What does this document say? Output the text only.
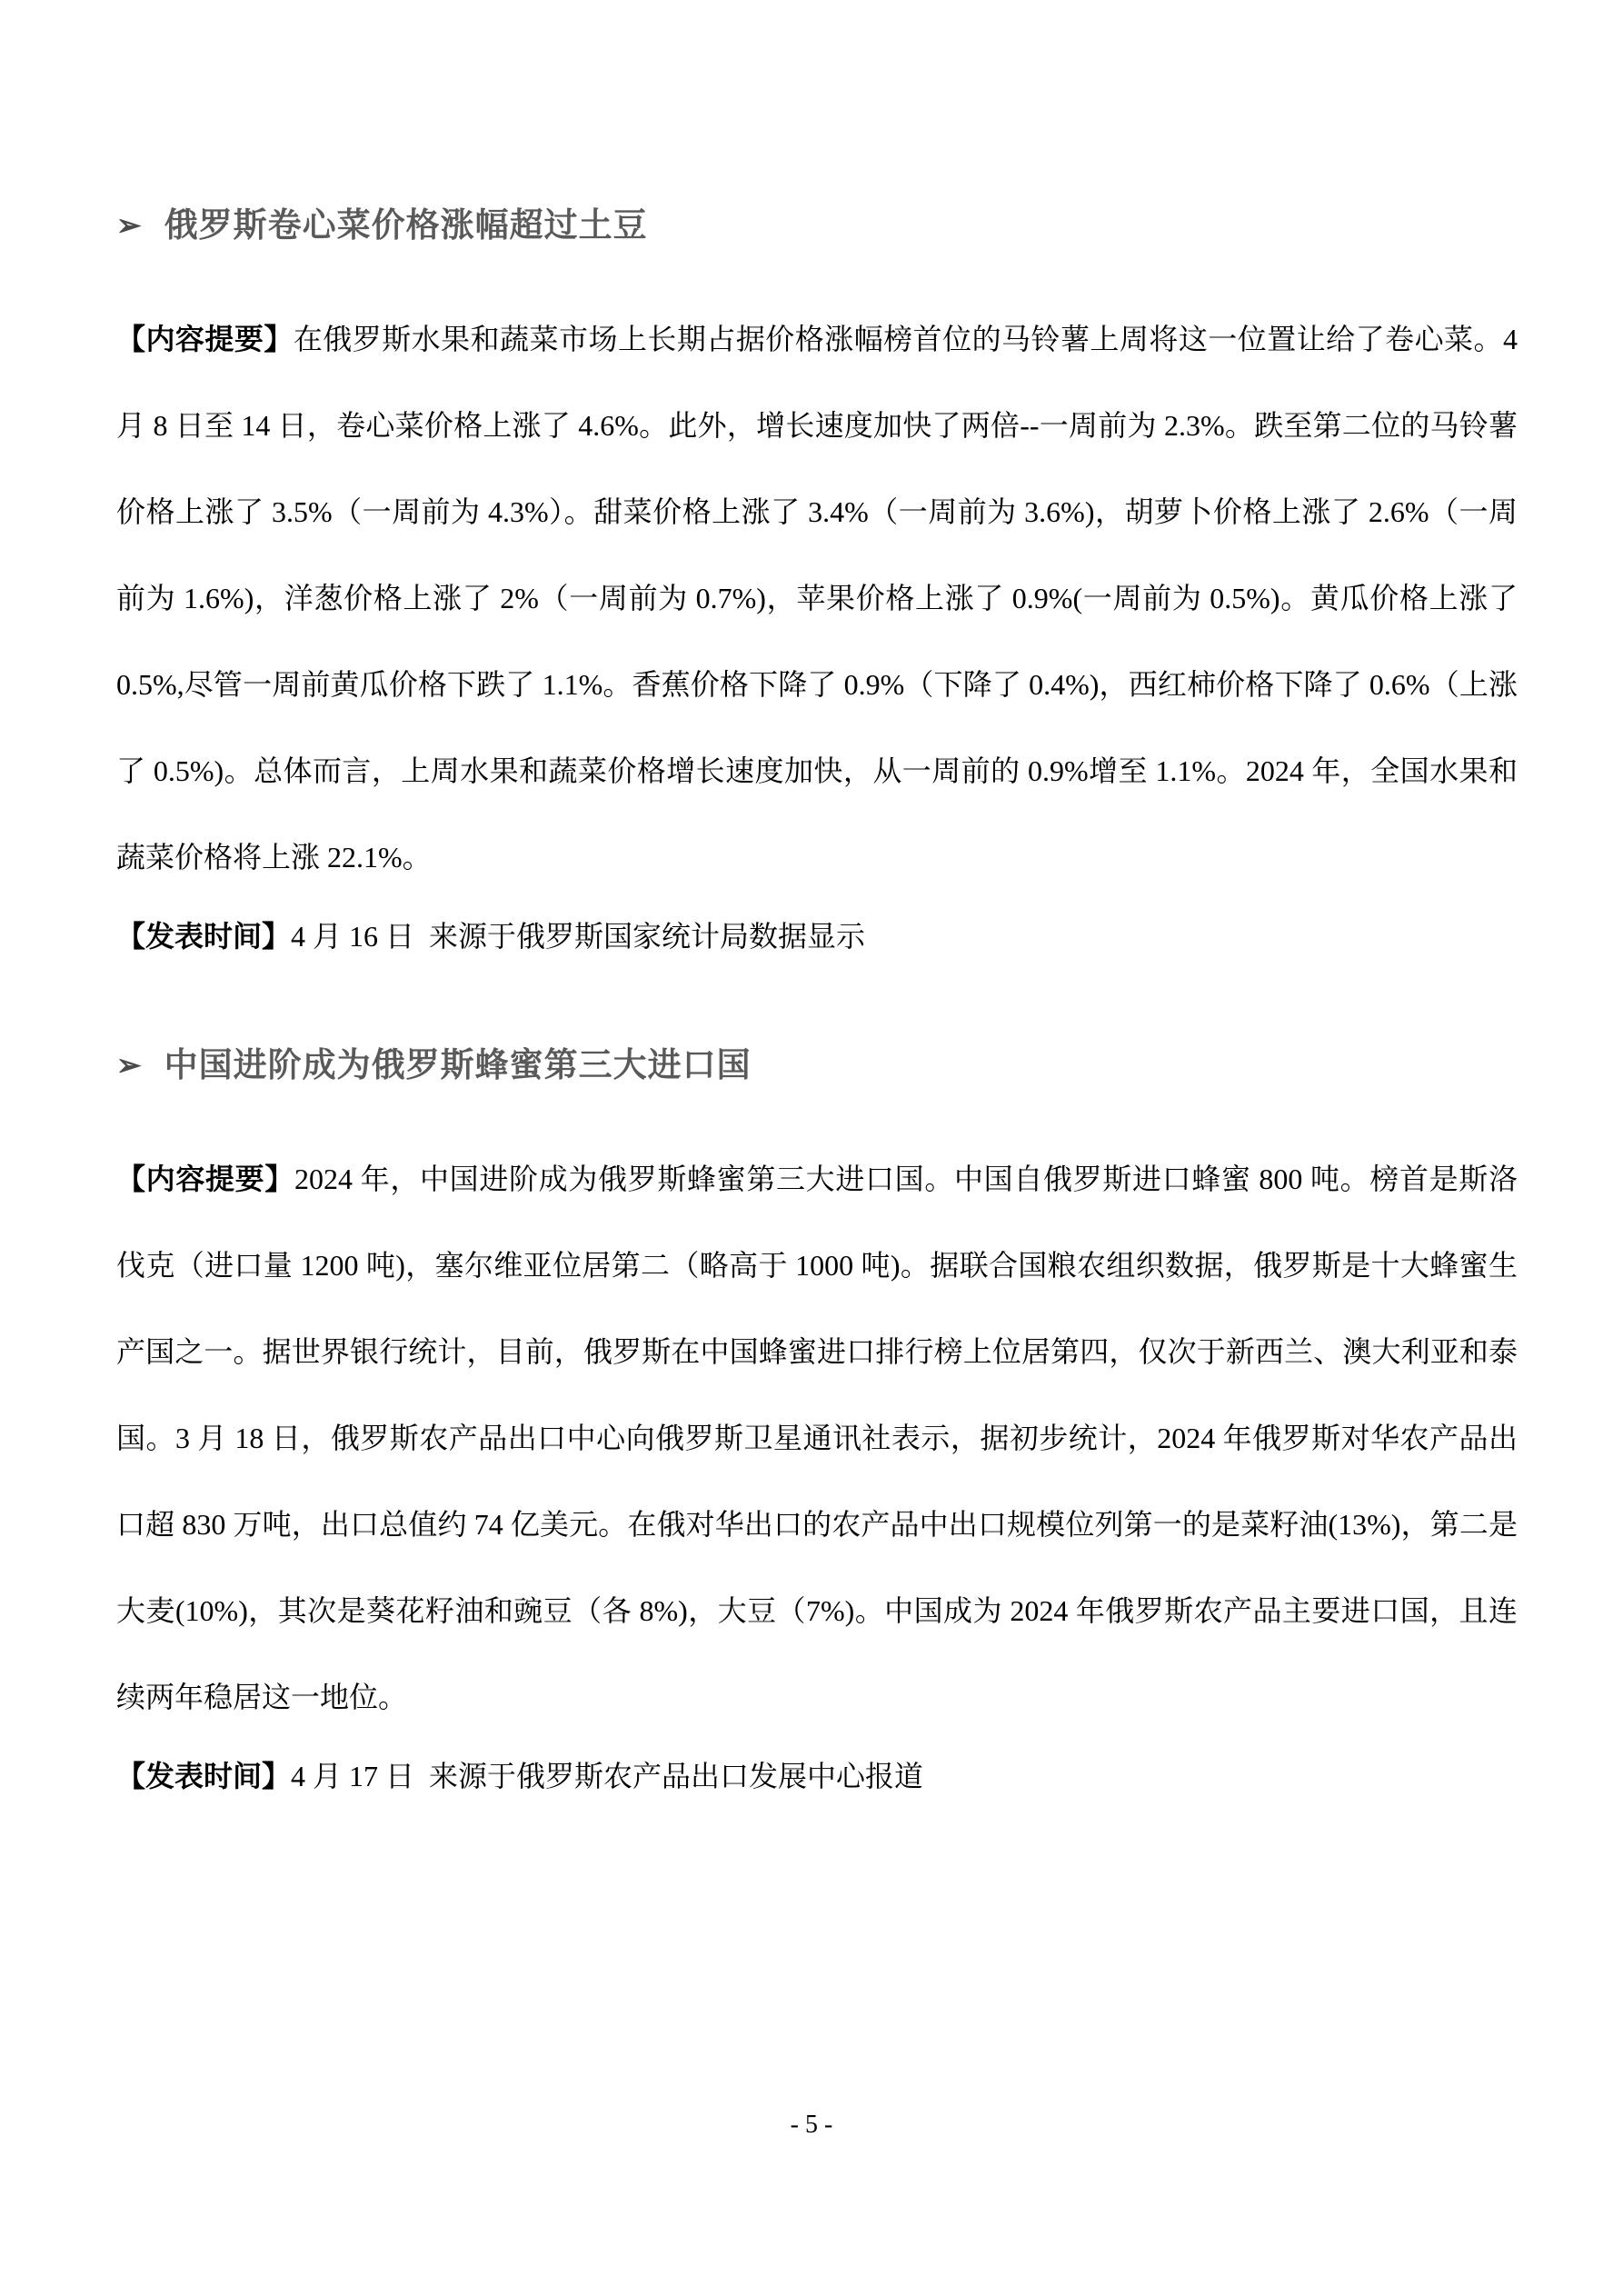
➢ 俄罗斯卷心菜价格涨幅超过土豆

【内容提要】在俄罗斯水果和蔬菜市场上长期占据价格涨幅榜首位的马铃薯上周将这一位置让给了卷心菜。4 月 8 日至 14 日，卷心菜价格上涨了 4.6%。此外，增长速度加快了两倍--一周前为 2.3%。跌至第二位的马铃薯价格上涨了 3.5%（一周前为 4.3%）。甜菜价格上涨了 3.4%（一周前为 3.6%)，胡萝卜价格上涨了 2.6%（一周前为 1.6%)，洋葱价格上涨了 2%（一周前为 0.7%)，苹果价格上涨了 0.9%(一周前为 0.5%)。黄瓜价格上涨了 0.5%,尽管一周前黄瓜价格下跌了 1.1%。香蕉价格下降了 0.9%（下降了 0.4%)，西红柿价格下降了 0.6%（上涨了 0.5%)。总体而言，上周水果和蔬菜价格增长速度加快，从一周前的 0.9%增至 1.1%。2024 年，全国水果和蔬菜价格将上涨 22.1%。

【发表时间】4 月 16 日  来源于俄罗斯国家统计局数据显示

➢ 中国进阶成为俄罗斯蜂蜜第三大进口国

【内容提要】2024 年，中国进阶成为俄罗斯蜂蜜第三大进口国。中国自俄罗斯进口蜂蜜 800 吨。榜首是斯洛伐克（进口量 1200 吨)，塞尔维亚位居第二（略高于 1000 吨)。据联合国粮农组织数据，俄罗斯是十大蜂蜜生产国之一。据世界银行统计，目前，俄罗斯在中国蜂蜜进口排行榜上位居第四，仅次于新西兰、澳大利亚和泰国。3 月 18 日，俄罗斯农产品出口中心向俄罗斯卫星通讯社表示，据初步统计，2024 年俄罗斯对华农产品出口超 830 万吨，出口总值约 74 亿美元。在俄对华出口的农产品中出口规模位列第一的是菜籽油(13%)，第二是大麦(10%)，其次是葵花籽油和豌豆（各 8%)，大豆（7%)。中国成为 2024 年俄罗斯农产品主要进口国，且连续两年稳居这一地位。

【发表时间】4 月 17 日  来源于俄罗斯农产品出口发展中心报道

- 5 -
